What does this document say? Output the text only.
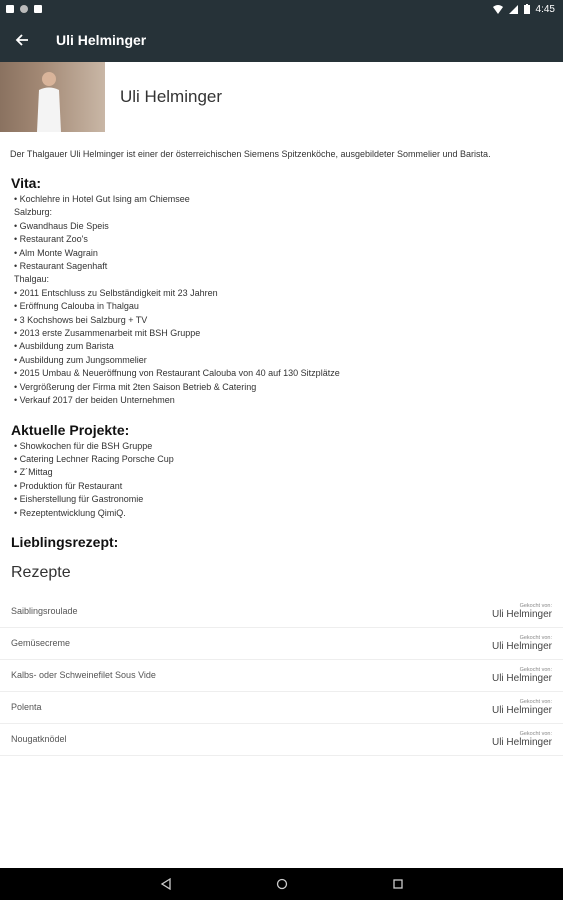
4:45
Uli Helminger
Uli Helminger
Der Thalgauer Uli Helminger ist einer der österreichischen Siemens Spitzenköche, ausgebildeter Sommelier und Barista.
Vita:
• Kochlehre in Hotel Gut Ising am Chiemsee
Salzburg:
• Gwandhaus Die Speis
• Restaurant Zoo's
• Alm Monte Wagrain
• Restaurant Sagenhaft
Thalgau:
• 2011 Entschluss zu Selbständigkeit mit 23 Jahren
• Eröffnung Calouba in Thalgau
• 3 Kochshows bei Salzburg + TV
• 2013 erste Zusammenarbeit mit BSH Gruppe
• Ausbildung zum Barista
• Ausbildung zum Jungsommelier
• 2015 Umbau & Neueröffnung von Restaurant Calouba von 40 auf 130 Sitzplätze
• Vergrößerung der Firma mit 2ten Saison Betrieb & Catering
• Verkauf 2017 der beiden Unternehmen
Aktuelle Projekte:
• Showkochen für die BSH Gruppe
• Catering Lechner Racing Porsche Cup
• Z´Mittag
• Produktion für Restaurant
• Eisherstellung für Gastronomie
• Rezeptentwicklung QimiQ.
Lieblingsrezept:
Rezepte
Saiblingsroulade
Gekocht von:
Uli Helminger
Gemüsecreme
Gekocht von:
Uli Helminger
Kalbs- oder Schweinefilet Sous Vide
Gekocht von:
Uli Helminger
Polenta
Gekocht von:
Uli Helminger
Nougatknödel
Gekocht von:
Uli Helminger
